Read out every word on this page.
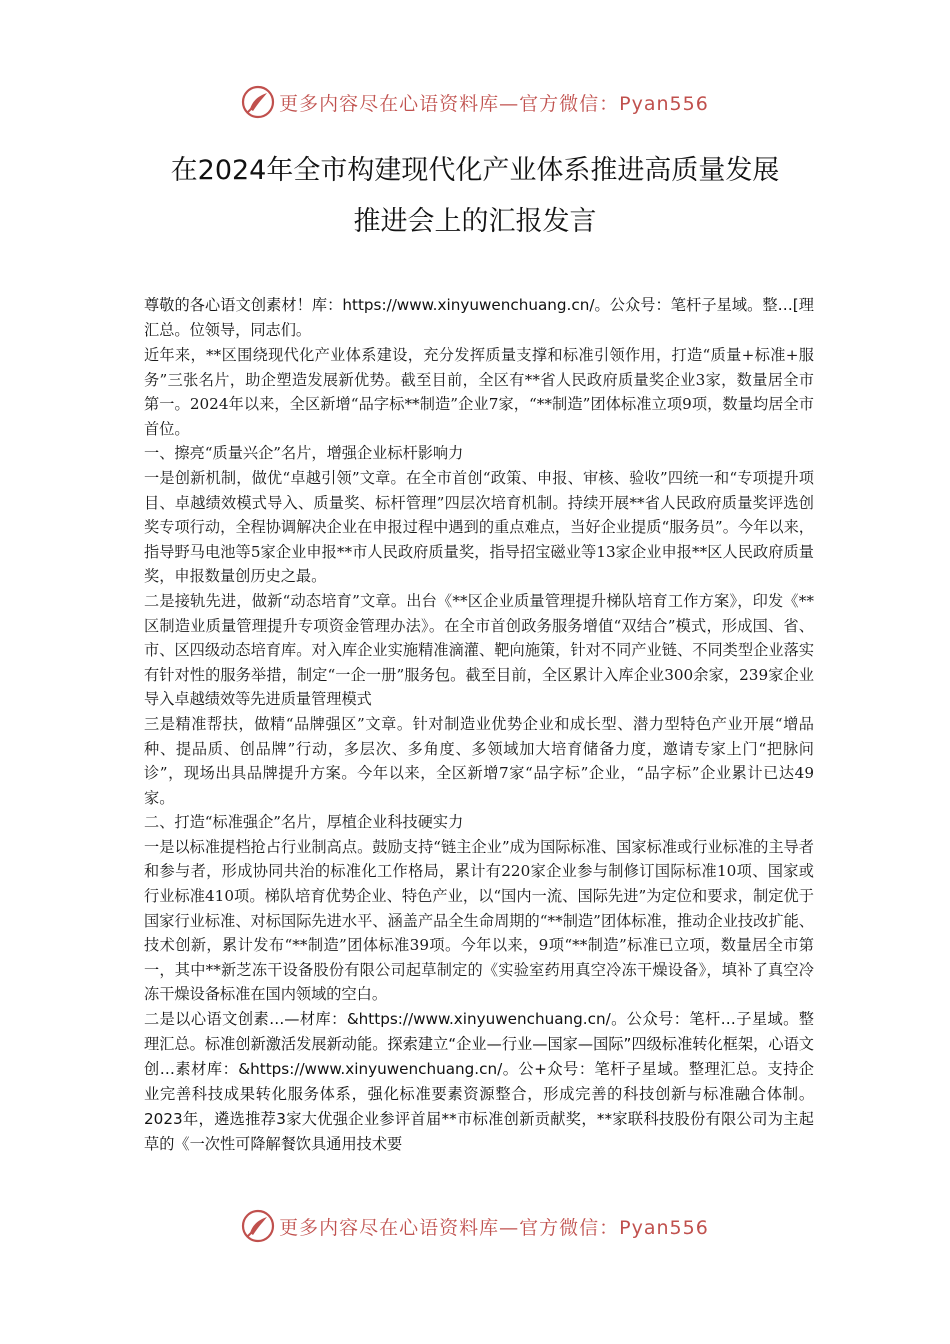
更多内容尽在心语资料库—官方微信：Pyan556
在2024年全市构建现代化产业体系推进高质量发展
推进会上的汇报发言

尊敬的各心语文创素材！库：https://www.xinyuwenchuang.cn/。公众号：笔杆子星域。整…[理汇总。位领导，同志们。

近年来，**区围绕现代化产业体系建设，充分发挥质量支撑和标准引领作用，打造“质量+标准+服务”三张名片，助企塑造发展新优势。截至目前，全区有**省人民政府质量奖企业3家，数量居全市第一。2024年以来，全区新增“品字标**制造”企业7家，“**制造”团体标准立项9项，数量均居全市首位。

一、擦亮“质量兴企”名片，增强企业标杆影响力

一是创新机制，做优“卓越引领”文章。在全市首创“政策、申报、审核、验收”四统一和“专项提升项目、卓越绩效模式导入、质量奖、标杆管理”四层次培育机制。持续开展**省人民政府质量奖评选创奖专项行动，全程协调解决企业在申报过程中遇到的重点难点，当好企业提质“服务员”。今年以来，指导野马电池等5家企业申报**市人民政府质量奖，指导招宝磁业等13家企业申报**区人民政府质量奖，申报数量创历史之最。

二是接轨先进，做新“动态培育”文章。出台《**区企业质量管理提升梯队培育工作方案》，印发《**区制造业质量管理提升专项资金管理办法》。在全市首创政务服务增值“双结合”模式，形成国、省、市、区四级动态培育库。对入库企业实施精准滴灌、靶向施策，针对不同产业链、不同类型企业落实有针对性的服务举措，制定“一企一册”服务包。截至目前，全区累计入库企业300余家，239家企业导入卓越绩效等先进质量管理模式

三是精准帮扶，做精“品牌强区”文章。针对制造业优势企业和成长型、潜力型特色产业开展“增品种、提品质、创品牌”行动，多层次、多角度、多领域加大培育储备力度，邀请专家上门“把脉问诊”，现场出具品牌提升方案。今年以来，全区新增7家“品字标”企业，“品字标”企业累计已达49家。

二、打造“标准强企”名片，厚植企业科技硬实力

一是以标准提档抢占行业制高点。鼓励支持“链主企业”成为国际标准、国家标准或行业标准的主导者和参与者，形成协同共治的标准化工作格局，累计有220家企业参与制修订国际标准10项、国家或行业标准410项。梯队培育优势企业、特色产业，以“国内一流、国际先进”为定位和要求，制定优于国家行业标准、对标国际先进水平、涵盖产品全生命周期的“**制造”团体标准，推动企业技改扩能、技术创新，累计发布“**制造”团体标准39项。今年以来，9项“**制造”标准已立项，数量居全市第一，其中**新芝冻干设备股份有限公司起草制定的《实验室药用真空冷冻干燥设备》，填补了真空冷冻干燥设备标准在国内领域的空白。

二是以心语文创素…—材库：&https://www.xinyuwenchuang.cn/。公众号：笔杆…子星域。整理汇总。标准创新激活发展新动能。探索建立“企业—行业—国家—国际”四级标准转化框架，心语文创…素材库：&https://www.xinyuwenchuang.cn/。公+众号：笔杆子星域。整理汇总。支持企业完善科技成果转化服务体系，强化标准要素资源整合，形成完善的科技创新与标准融合体制。2023年，遴选推荐3家大优强企业参评首届**市标准创新贡献奖，**家联科技股份有限公司为主起草的《一次性可降解餐饮具通用技术要

更多内容尽在心语资料库—官方微信：Pyan556
